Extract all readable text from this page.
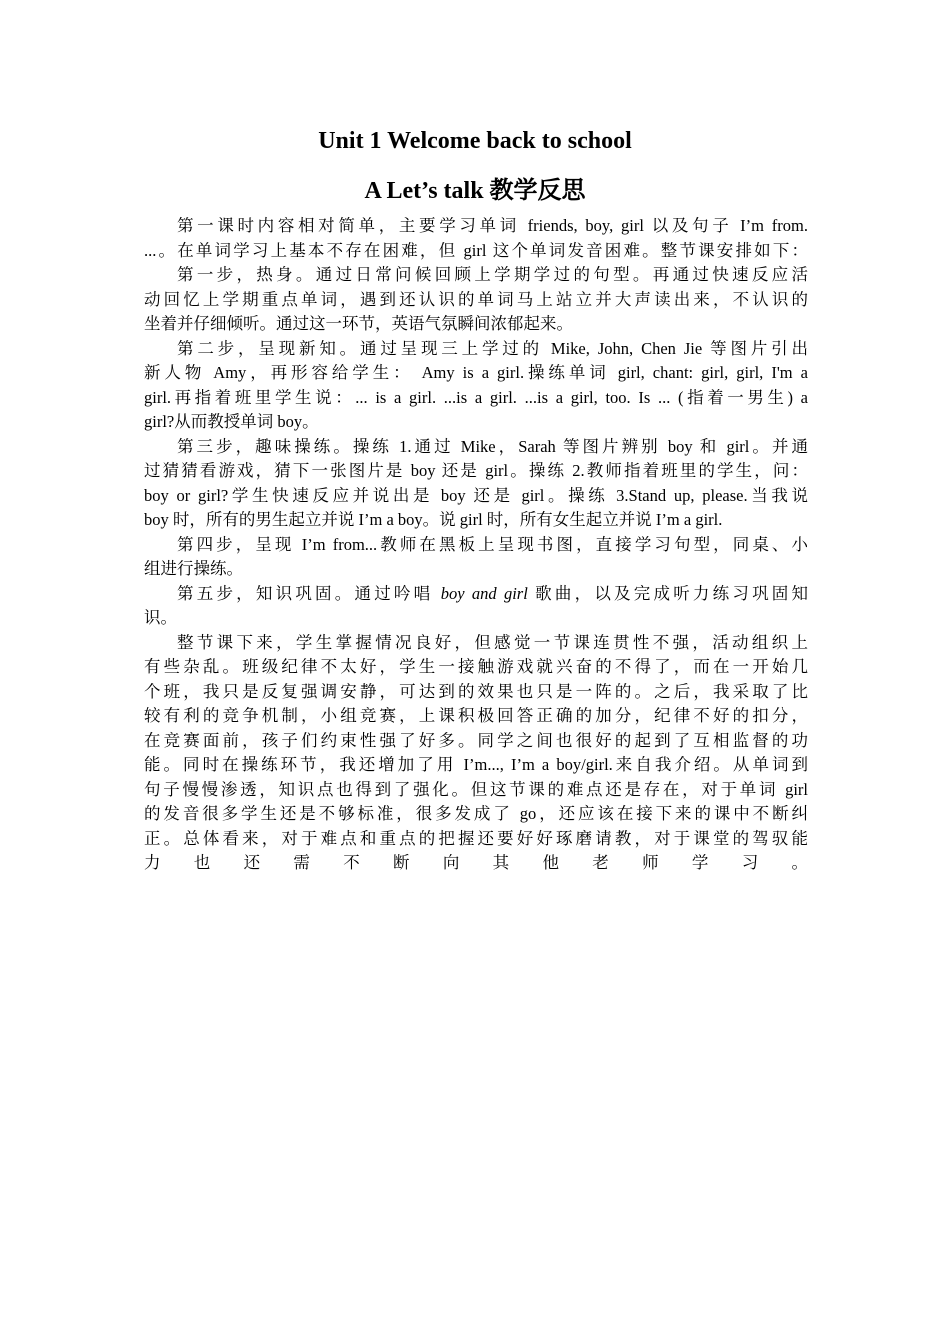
Unit 1 Welcome back to school
A Let’s talk 教学反思
第一课时内容相对简单，主要学习单词 friends, boy, girl 以及句子 I’m from.
...。在单词学习上基本不存在困难，但 girl 这个单词发音困难。整节课安排如下：
第一步，热身。通过日常问候回顾上学期学过的句型。再通过快速反应活
动回忆上学期重点单词，遇到还认识的单词马上站立并大声读出来，不认识的
坐着并仔细倾听。通过这一环节，英语气氛瞬间浓郁起来。
第二步，呈现新知。通过呈现三上学过的 Mike, John, Chen Jie 等图片引出
新人物 Amy，再形容给学生： Amy is a girl.操练单词 girl, chant: girl, girl, I'm a
girl.再指着班里学生说：... is a girl. ...is a girl. ...is a girl, too. Is ... (指着一男生) a
girl?从而教授单词 boy。
第三步，趣味操练。操练 1.通过 Mike，Sarah 等图片辨别 boy 和 girl。并通
过猜猜看游戏，猜下一张图片是 boy 还是 girl。操练 2.教师指着班里的学生，问：
boy or girl?学生快速反应并说出是 boy 还是 girl。操练 3.Stand up, please.当我说
boy 时，所有的男生起立并说 I’m a boy。说 girl 时，所有女生起立并说 I’m a girl.
第四步，呈现 I’m from...教师在黑板上呈现书图，直接学习句型，同桌、小
组进行操练。
第五步，知识巩固。通过吟唱 boy and girl 歌曲，以及完成听力练习巩固知
识。
整节课下来，学生掌握情况良好，但感觉一节课连贯性不强，活动组织上
有些杂乱。班级纪律不太好，学生一接触游戏就兴奋的不得了，而在一开始几
个班，我只是反复强调安静，可达到的效果也只是一阵的。之后，我采取了比
较有利的竞争机制，小组竞赛，上课积极回答正确的加分，纪律不好的扣分，
在竞赛面前，孩子们约束性强了好多。同学之间也很好的起到了互相监督的功
能。同时在操练环节，我还增加了用 I’m..., I’m a boy/girl.来自我介绍。从单词到
句子慢慢渗透，知识点也得到了强化。但这节课的难点还是存在，对于单词 girl
的发音很多学生还是不够标准，很多发成了 go，还应该在接下来的课中不断纠
正。总体看来，对于难点和重点的把握还要好好琢磨请教，对于课堂的驾驭能
力 也 还 需 不 断 向 其 他 老 师 学 习 。
